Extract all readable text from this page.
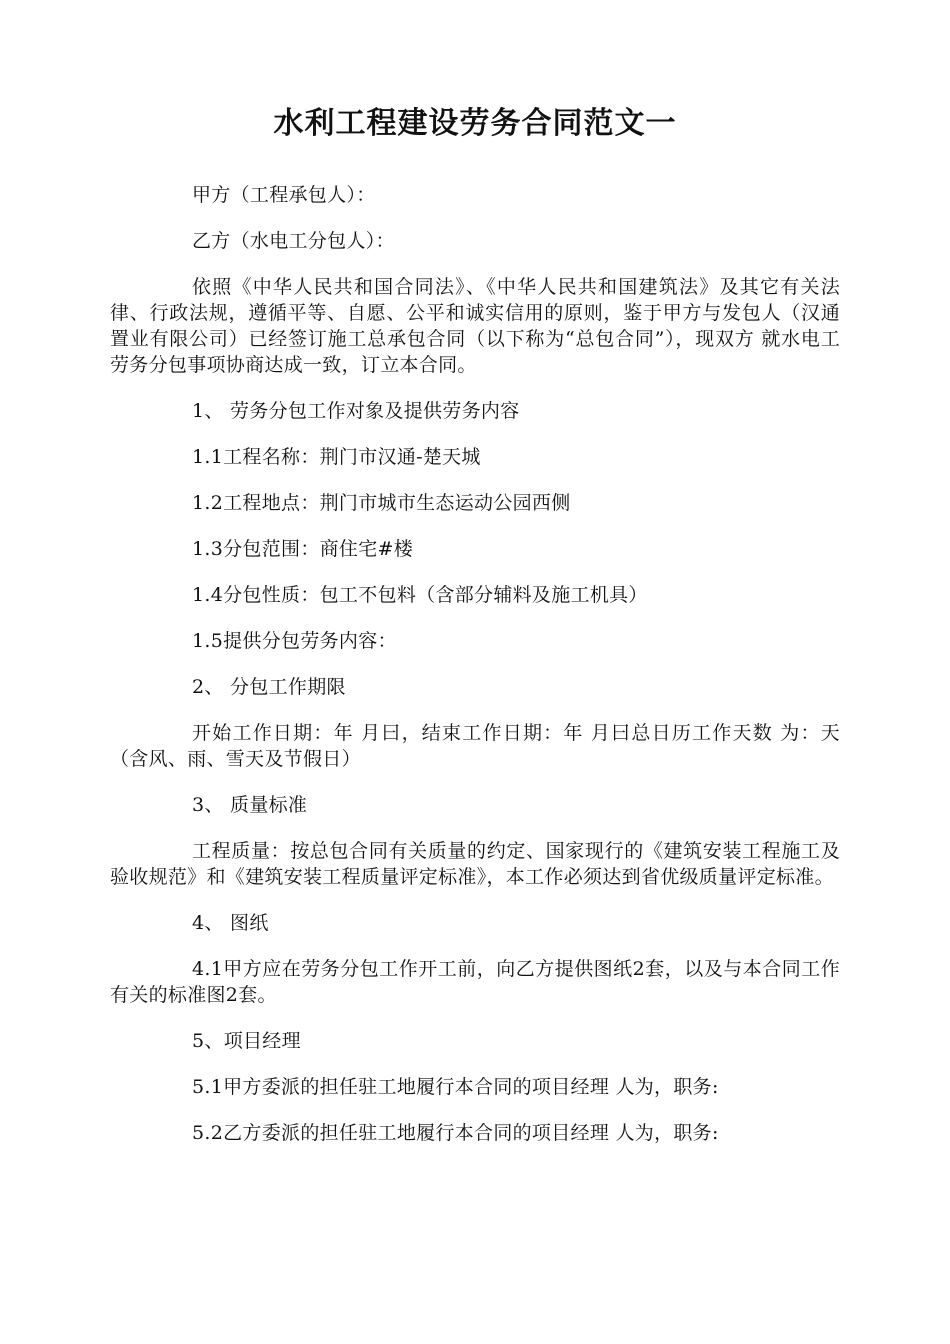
水利工程建设劳务合同范文一

甲方（工程承包人）：

乙方（水电工分包人）：

依照《中华人民共和国合同法》、《中华人民共和国建筑法》及其它有关法律、行政法规，遵循平等、自愿、公平和诚实信用的原则，鉴于甲方与发包人（汉通置业有限公司）已经签订施工总承包合同（以下称为“总包合同”），现双方 就水电工劳务分包事项协商达成一致，订立本合同。

1、 劳务分包工作对象及提供劳务内容

1.1工程名称：荆门市汉通-楚天城

1.2工程地点：荆门市城市生态运动公园西侧

1.3分包范围：商住宅#楼

1.4分包性质：包工不包料（含部分辅料及施工机具）

1.5提供分包劳务内容：

2、 分包工作期限

开始工作日期：年 月曰，结束工作日期：年 月曰总日历工作天数 为：天（含风、雨、雪天及节假日）

3、 质量标准

工程质量：按总包合同有关质量的约定、国家现行的《建筑安装工程施工及验收规范》和《建筑安装工程质量评定标准》，本工作必须达到省优级质量评定标准。

4、 图纸

4.1甲方应在劳务分包工作开工前，向乙方提供图纸2套，以及与本合同工作有关的标准图2套。

5、项目经理

5.1甲方委派的担任驻工地履行本合同的项目经理 人为，职务:

5.2乙方委派的担任驻工地履行本合同的项目经理 人为，职务:
